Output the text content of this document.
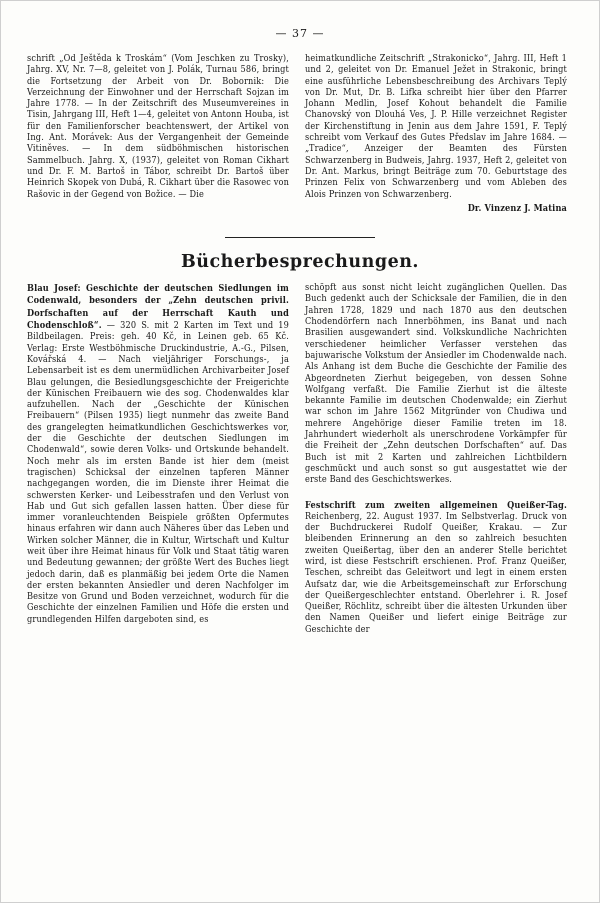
— 37 —
schrift „Od Ještěda k Troskám“ (Vom Jeschken zu Trosky), Jahrg. XV, Nr. 7—8, geleitet von J. Polák, Turnau 586, bringt die Fortsetzung der Arbeit von Dr. Bobornik: Die Verzeichnung der Einwohner und der Herrschaft Sojzan im Jahre 1778. — In der Zeitschrift des Museumvereines in Tisin, Jahrgang III, Heft 1—4, geleitet von Antonn Houba, ist für den Familienforscher beachtenswert, der Artikel von Ing. Ant. Morávek: Aus der Vergangenheit der Gemeinde Vitiněves. — In dem südböhmischen historischen Sammelbuch. Jahrg. X, (1937), geleitet von Roman Cikhart und Dr. F. M. Bartoš in Tábor, schreibt Dr. Bartoš über Heinrich Skopek von Dubá, R. Cikhart über die Rasowec von Rašovic in der Gegend von Božice. — Die
heimatkundliche Zeitschrift „Strakonicko“, Jahrg. III, Heft 1 und 2, geleitet von Dr. Emanuel Ježet in Strakonic, bringt eine ausführliche Lebensbeschreibung des Archivars Teplý von Dr. Mut, Dr. B. Lifka schreibt hier über den Pfarrer Johann Medlin, Josef Kohout behandelt die Familie Chanovský von Dlouhá Ves, J. P. Hille verzeichnet Register der Kirchenstiftung in Jenin aus dem Jahre 1591, F. Teplý schreibt vom Verkauf des Gutes Předslav im Jahre 1684. — „Tradice“, Anzeiger der Beamten des Fürsten Schwarzenberg in Budweis, Jahrg. 1937, Heft 2, geleitet von Dr. Ant. Markus, bringt Beiträge zum 70. Geburtstage des Prinzen Felix von Schwarzenberg und vom Ableben des Alois Prinzen von Schwarzenberg.
Dr. Vinzenz J. Matina
Bücherbesprechungen.
Blau Josef: Geschichte der deutschen Siedlungen im Codenwald, besonders der „Zehn deutschen privil. Dorfschaften auf der Herrschaft Kauth und Chodenschloß“. — 320 S. mit 2 Karten im Text und 19 Bildbeilagen. Preis: geh. 40 Kč, in Leinen geb. 65 Kč. Verlag: Erste Westböhmische Druckindustrie, A.-G., Pilsen, Kovářská 4. — Nach vieljähriger Forschungs-, ja Lebensarbeit ist es dem unermüdlichen Archivarbeiter Josef Blau gelungen, die Besiedlungsgeschichte der Freigerichte der Künischen Freibauern wie des sog. Chodenwaldes klar aufzuhellen. Nach der „Geschichte der Künischen Freibauern“ (Pilsen 1935) liegt nunmehr das zweite Band des grangelegten heimatkundlichen Geschichtswerkes vor, der die Geschichte der deutschen Siedlungen im Chodenwald“, sowie deren Volks- und Ortskunde behandelt. Noch mehr als im ersten Bande ist hier dem (meist tragischen) Schicksal der einzelnen tapferen Männer nachgegangen worden, die im Dienste ihrer Heimat die schwersten Kerker- und Leibesstrafen und den Verlust von Hab und Gut sich gefallen lassen hatten. Über diese für immer voranleuchtenden Beispiele größten Opfermutes hinaus erfahren wir dann auch Näheres über das Leben und Wirken solcher Männer, die in Kultur, Wirtschaft und Kultur weit über ihre Heimat hinaus für Volk und Staat tätig waren und Bedeutung gewannen; der größte Wert des Buches liegt jedoch darin, daß es planmäßig bei jedem Orte die Namen der ersten bekannten Ansiedler und deren Nachfolger im Besitze von Grund und Boden verzeichnet, wodurch für die Geschichte der einzelnen Familien und Höfe die ersten und grundlegenden Hilfen dargeboten sind, es
schöpft aus sonst nicht leicht zugänglichen Quellen. Das Buch gedenkt auch der Schicksale der Familien, die in den Jahren 1728, 1829 und nach 1870 aus den deutschen Chodendörfern nach Innerböhmen, ins Banat und nach Brasilien ausgewandert sind. Volkskundliche Nachrichten verschiedener heimlicher Verfasser verstehen das bajuwarische Volkstum der Ansiedler im Chodenwalde nach. Als Anhang ist dem Buche die Geschichte der Familie des Abgeordneten Zierhut beigegeben, von dessen Sohne Wolfgang verfaßt. Die Familie Zierhut ist die älteste bekannte Familie im deutschen Chodenwalde; ein Zierhut war schon im Jahre 1562 Mitgründer von Chudiwa und mehrere Angehörige dieser Familie treten im 18. Jahrhundert wiederholt als unerschrodene Vorkämpfer für die Freiheit der „Zehn deutschen Dorfschaften“ auf. Das Buch ist mit 2 Karten und zahlreichen Lichtbildern geschmückt und auch sonst so gut ausgestattet wie der erste Band des Geschichtswerkes.
Festschrift zum zweiten allgemeinen Queißer-Tag. Reichenberg, 22. August 1937. Im Selbstverlag. Druck von der Buchdruckerei Rudolf Queißer, Krakau. — Zur bleibenden Erinnerung an den so zahlreich besuchten zweiten Queißertag, über den an anderer Stelle berichtet wird, ist diese Festschrift erschienen. Prof. Franz Queißer, Teschen, schreibt das Geleitwort und legt in einem ersten Aufsatz dar, wie die Arbeitsgemeinschaft zur Erforschung der Queißergeschlechter entstand. Oberlehrer i. R. Josef Queißer, Röchlitz, schreibt über die ältesten Urkunden über den Namen Queißer und liefert einige Beiträge zur Geschichte der
